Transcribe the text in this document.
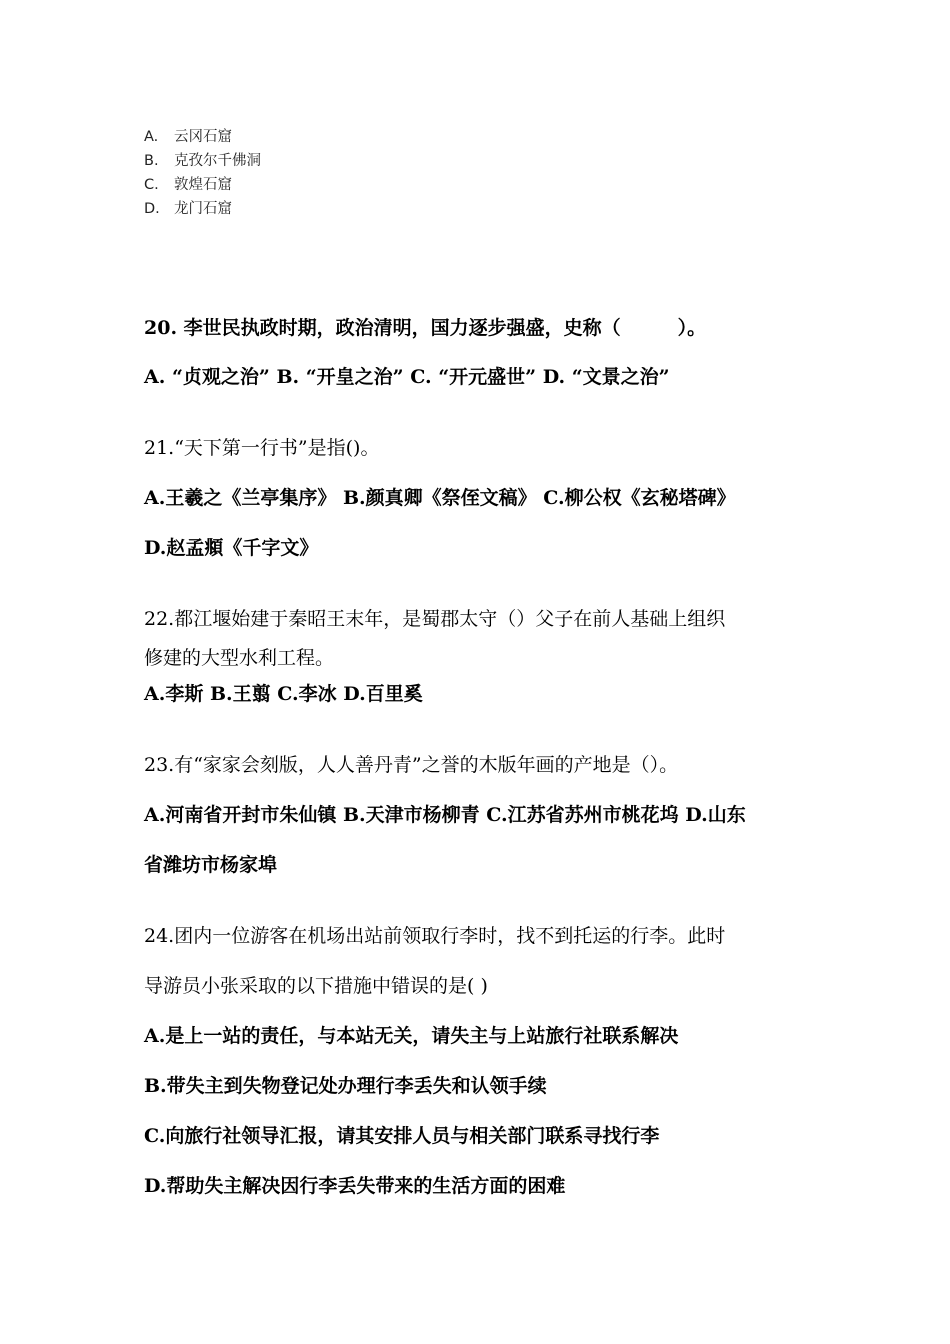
A. 云冈石窟
B. 克孜尔千佛洞
C. 敦煌石窟
D. 龙门石窟
20. 李世民执政时期，政治清明，国力逐步强盛，史称（　　　）。
A. “贞观之治” B. “开皇之治” C. “开元盛世” D. “文景之治”
21.“天下第一行书”是指()。
A.王羲之《兰亭集序》 B.颜真卿《祭侄文稿》 C.柳公权《玄秘塔碑》
D.赵孟頫《千字文》
22.都江堰始建于秦昭王末年，是蜀郡太守（）父子在前人基础上组织
修建的大型水利工程。
A.李斯 B.王翦 C.李冰 D.百里奚
23.有“家家会刻版，人人善丹青”之誉的木版年画的产地是（）。
A.河南省开封市朱仙镇 B.天津市杨柳青 C.江苏省苏州市桃花坞 D.山东
省潍坊市杨家埠
24.团内一位游客在机场出站前领取行李时，找不到托运的行李。此时
导游员小张采取的以下措施中错误的是( )
A.是上一站的责任，与本站无关，请失主与上站旅行社联系解决
B.带失主到失物登记处办理行李丢失和认领手续
C.向旅行社领导汇报，请其安排人员与相关部门联系寻找行李
D.帮助失主解决因行李丢失带来的生活方面的困难
